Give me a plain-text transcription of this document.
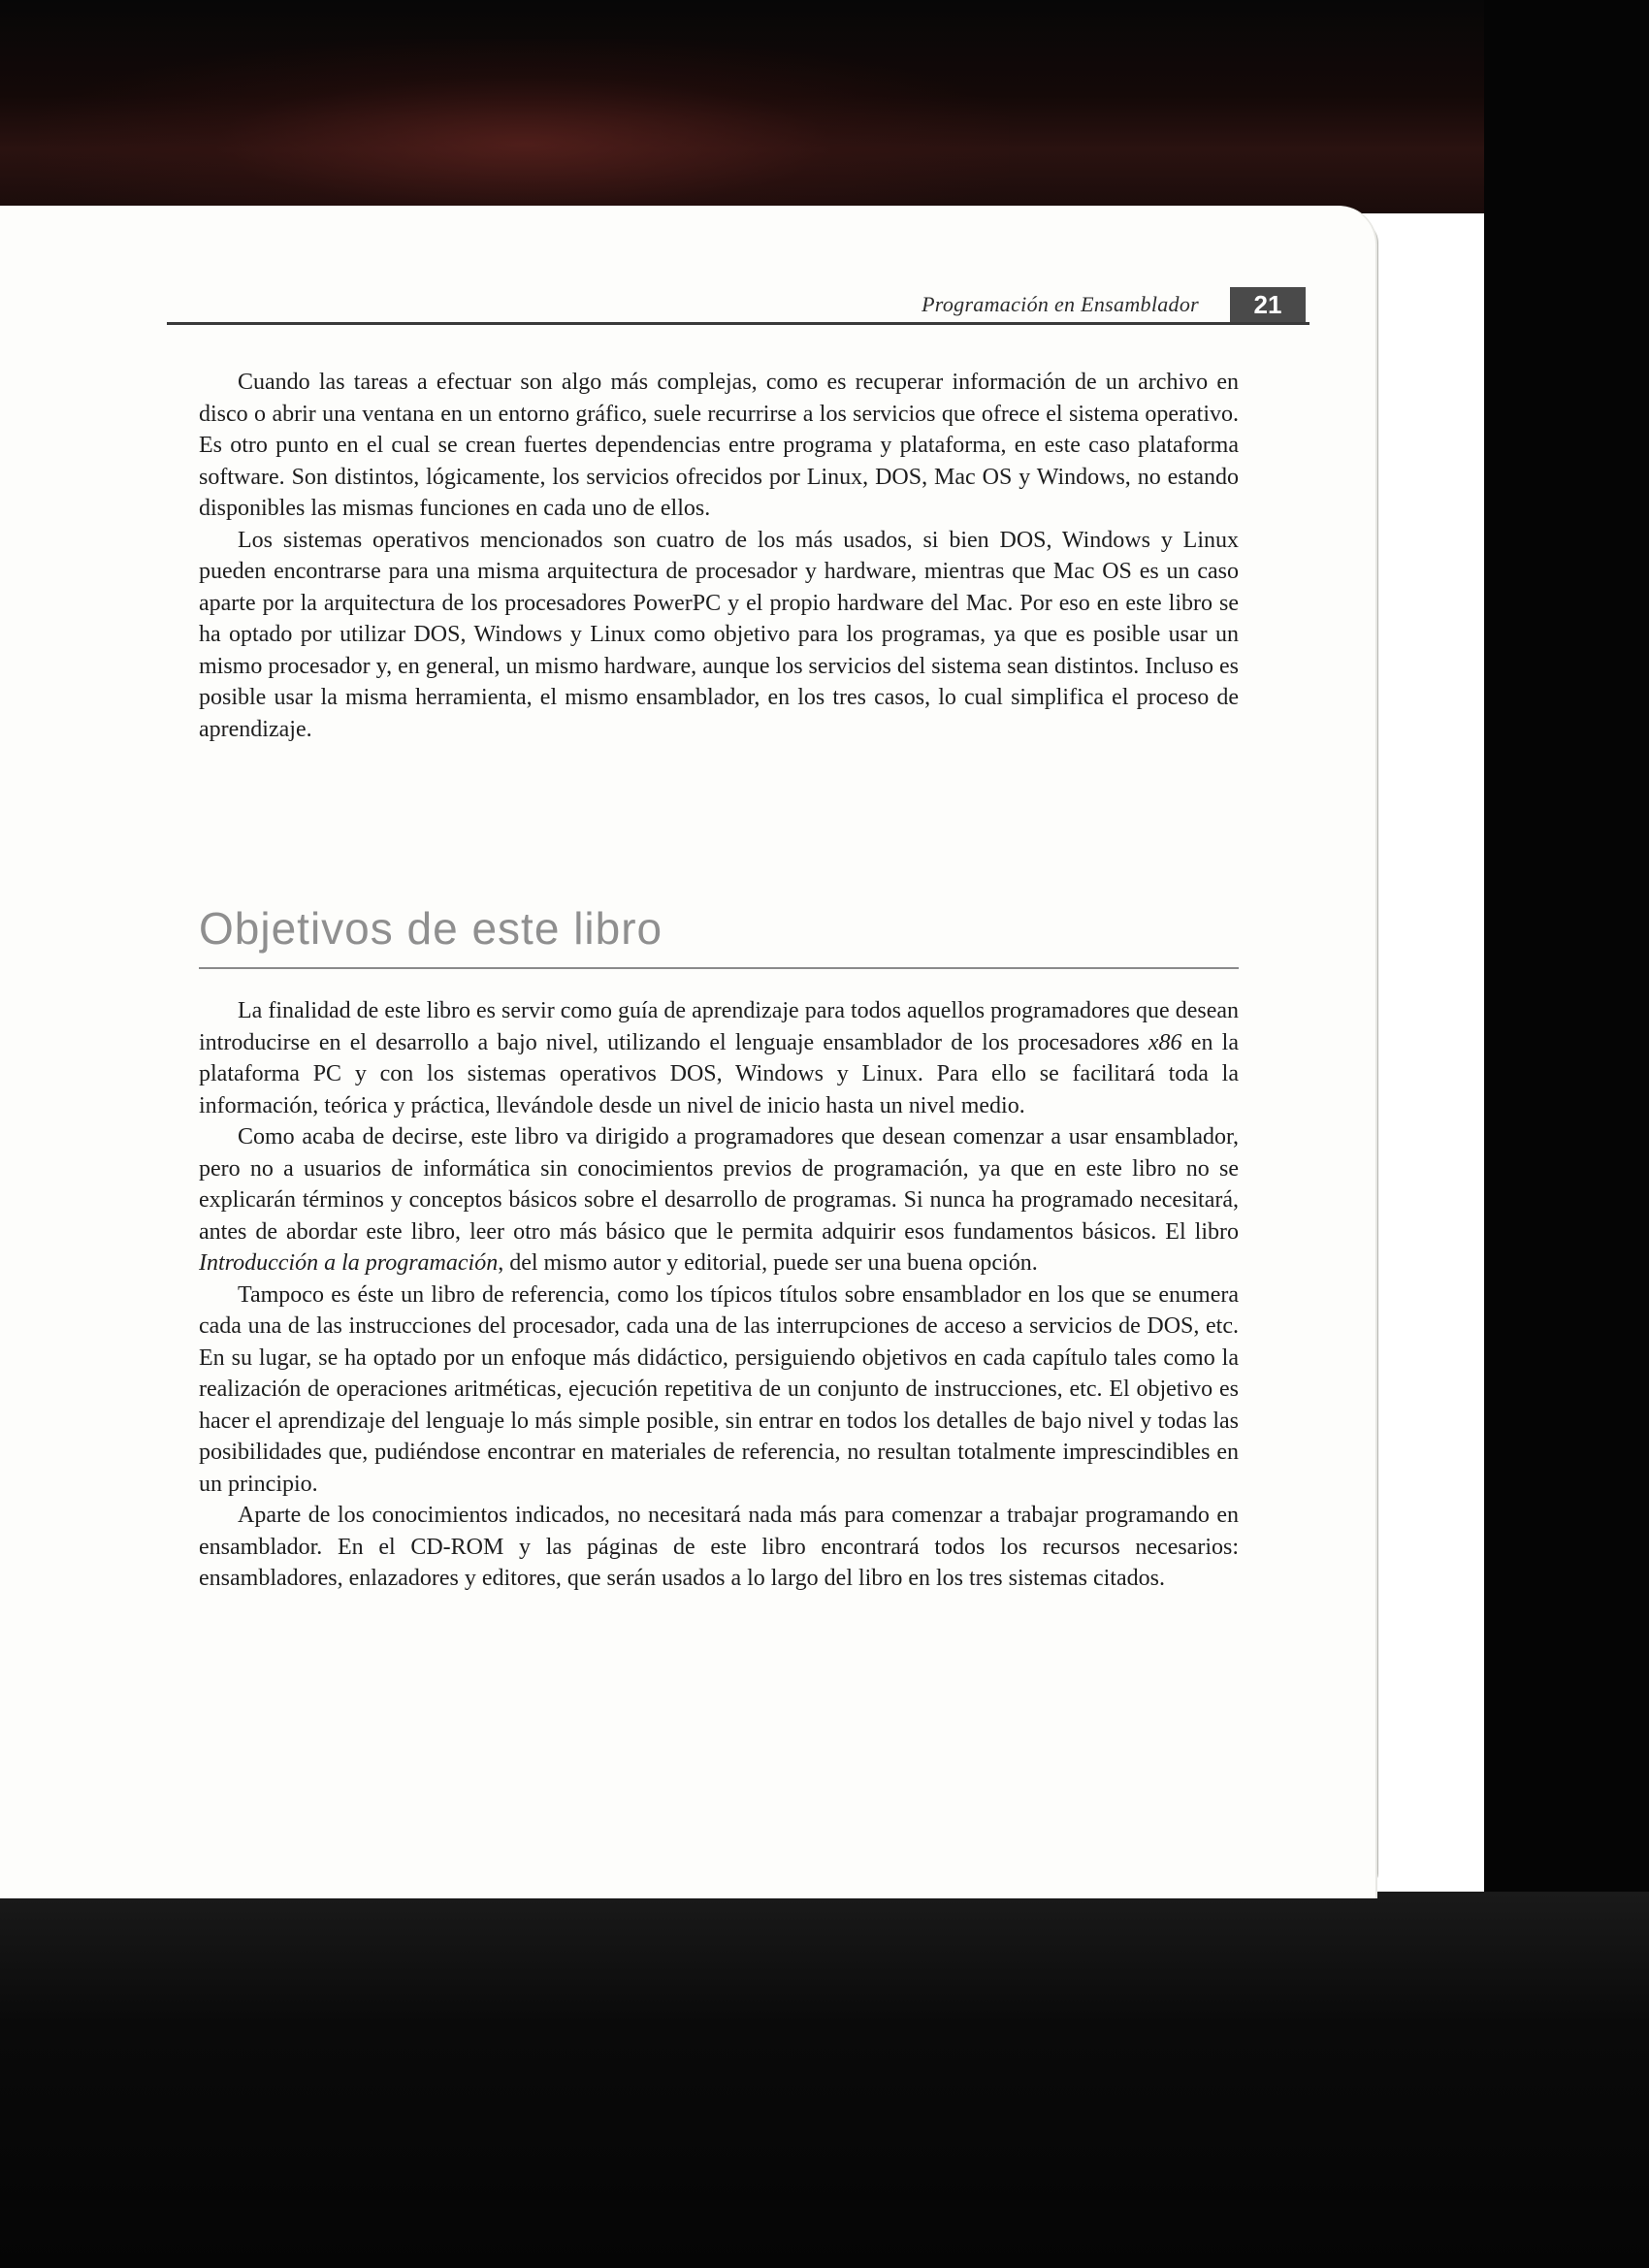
Programación en Ensamblador	21

Cuando las tareas a efectuar son algo más complejas, como es recuperar información de un archivo en disco o abrir una ventana en un entorno gráfico, suele recurrirse a los servicios que ofrece el sistema operativo. Es otro punto en el cual se crean fuertes dependencias entre programa y plataforma, en este caso plataforma software. Son distintos, lógicamente, los servicios ofrecidos por Linux, DOS, Mac OS y Windows, no estando disponibles las mismas funciones en cada uno de ellos.

Los sistemas operativos mencionados son cuatro de los más usados, si bien DOS, Windows y Linux pueden encontrarse para una misma arquitectura de procesador y hardware, mientras que Mac OS es un caso aparte por la arquitectura de los procesadores PowerPC y el propio hardware del Mac. Por eso en este libro se ha optado por utilizar DOS, Windows y Linux como objetivo para los programas, ya que es posible usar un mismo procesador y, en general, un mismo hardware, aunque los servicios del sistema sean distintos. Incluso es posible usar la misma herramienta, el mismo ensamblador, en los tres casos, lo cual simplifica el proceso de aprendizaje.

Objetivos de este libro

La finalidad de este libro es servir como guía de aprendizaje para todos aquellos programadores que desean introducirse en el desarrollo a bajo nivel, utilizando el lenguaje ensamblador de los procesadores x86 en la plataforma PC y con los sistemas operativos DOS, Windows y Linux. Para ello se facilitará toda la información, teórica y práctica, llevándole desde un nivel de inicio hasta un nivel medio.

Como acaba de decirse, este libro va dirigido a programadores que desean comenzar a usar ensamblador, pero no a usuarios de informática sin conocimientos previos de programación, ya que en este libro no se explicarán términos y conceptos básicos sobre el desarrollo de programas. Si nunca ha programado necesitará, antes de abordar este libro, leer otro más básico que le permita adquirir esos fundamentos básicos. El libro Introducción a la programación, del mismo autor y editorial, puede ser una buena opción.

Tampoco es éste un libro de referencia, como los típicos títulos sobre ensamblador en los que se enumera cada una de las instrucciones del procesador, cada una de las interrupciones de acceso a servicios de DOS, etc. En su lugar, se ha optado por un enfoque más didáctico, persiguiendo objetivos en cada capítulo tales como la realización de operaciones aritméticas, ejecución repetitiva de un conjunto de instrucciones, etc. El objetivo es hacer el aprendizaje del lenguaje lo más simple posible, sin entrar en todos los detalles de bajo nivel y todas las posibilidades que, pudiéndose encontrar en materiales de referencia, no resultan totalmente imprescindibles en un principio.

Aparte de los conocimientos indicados, no necesitará nada más para comenzar a trabajar programando en ensamblador. En el CD-ROM y las páginas de este libro encontrará todos los recursos necesarios: ensambladores, enlazadores y editores, que serán usados a lo largo del libro en los tres sistemas citados.
